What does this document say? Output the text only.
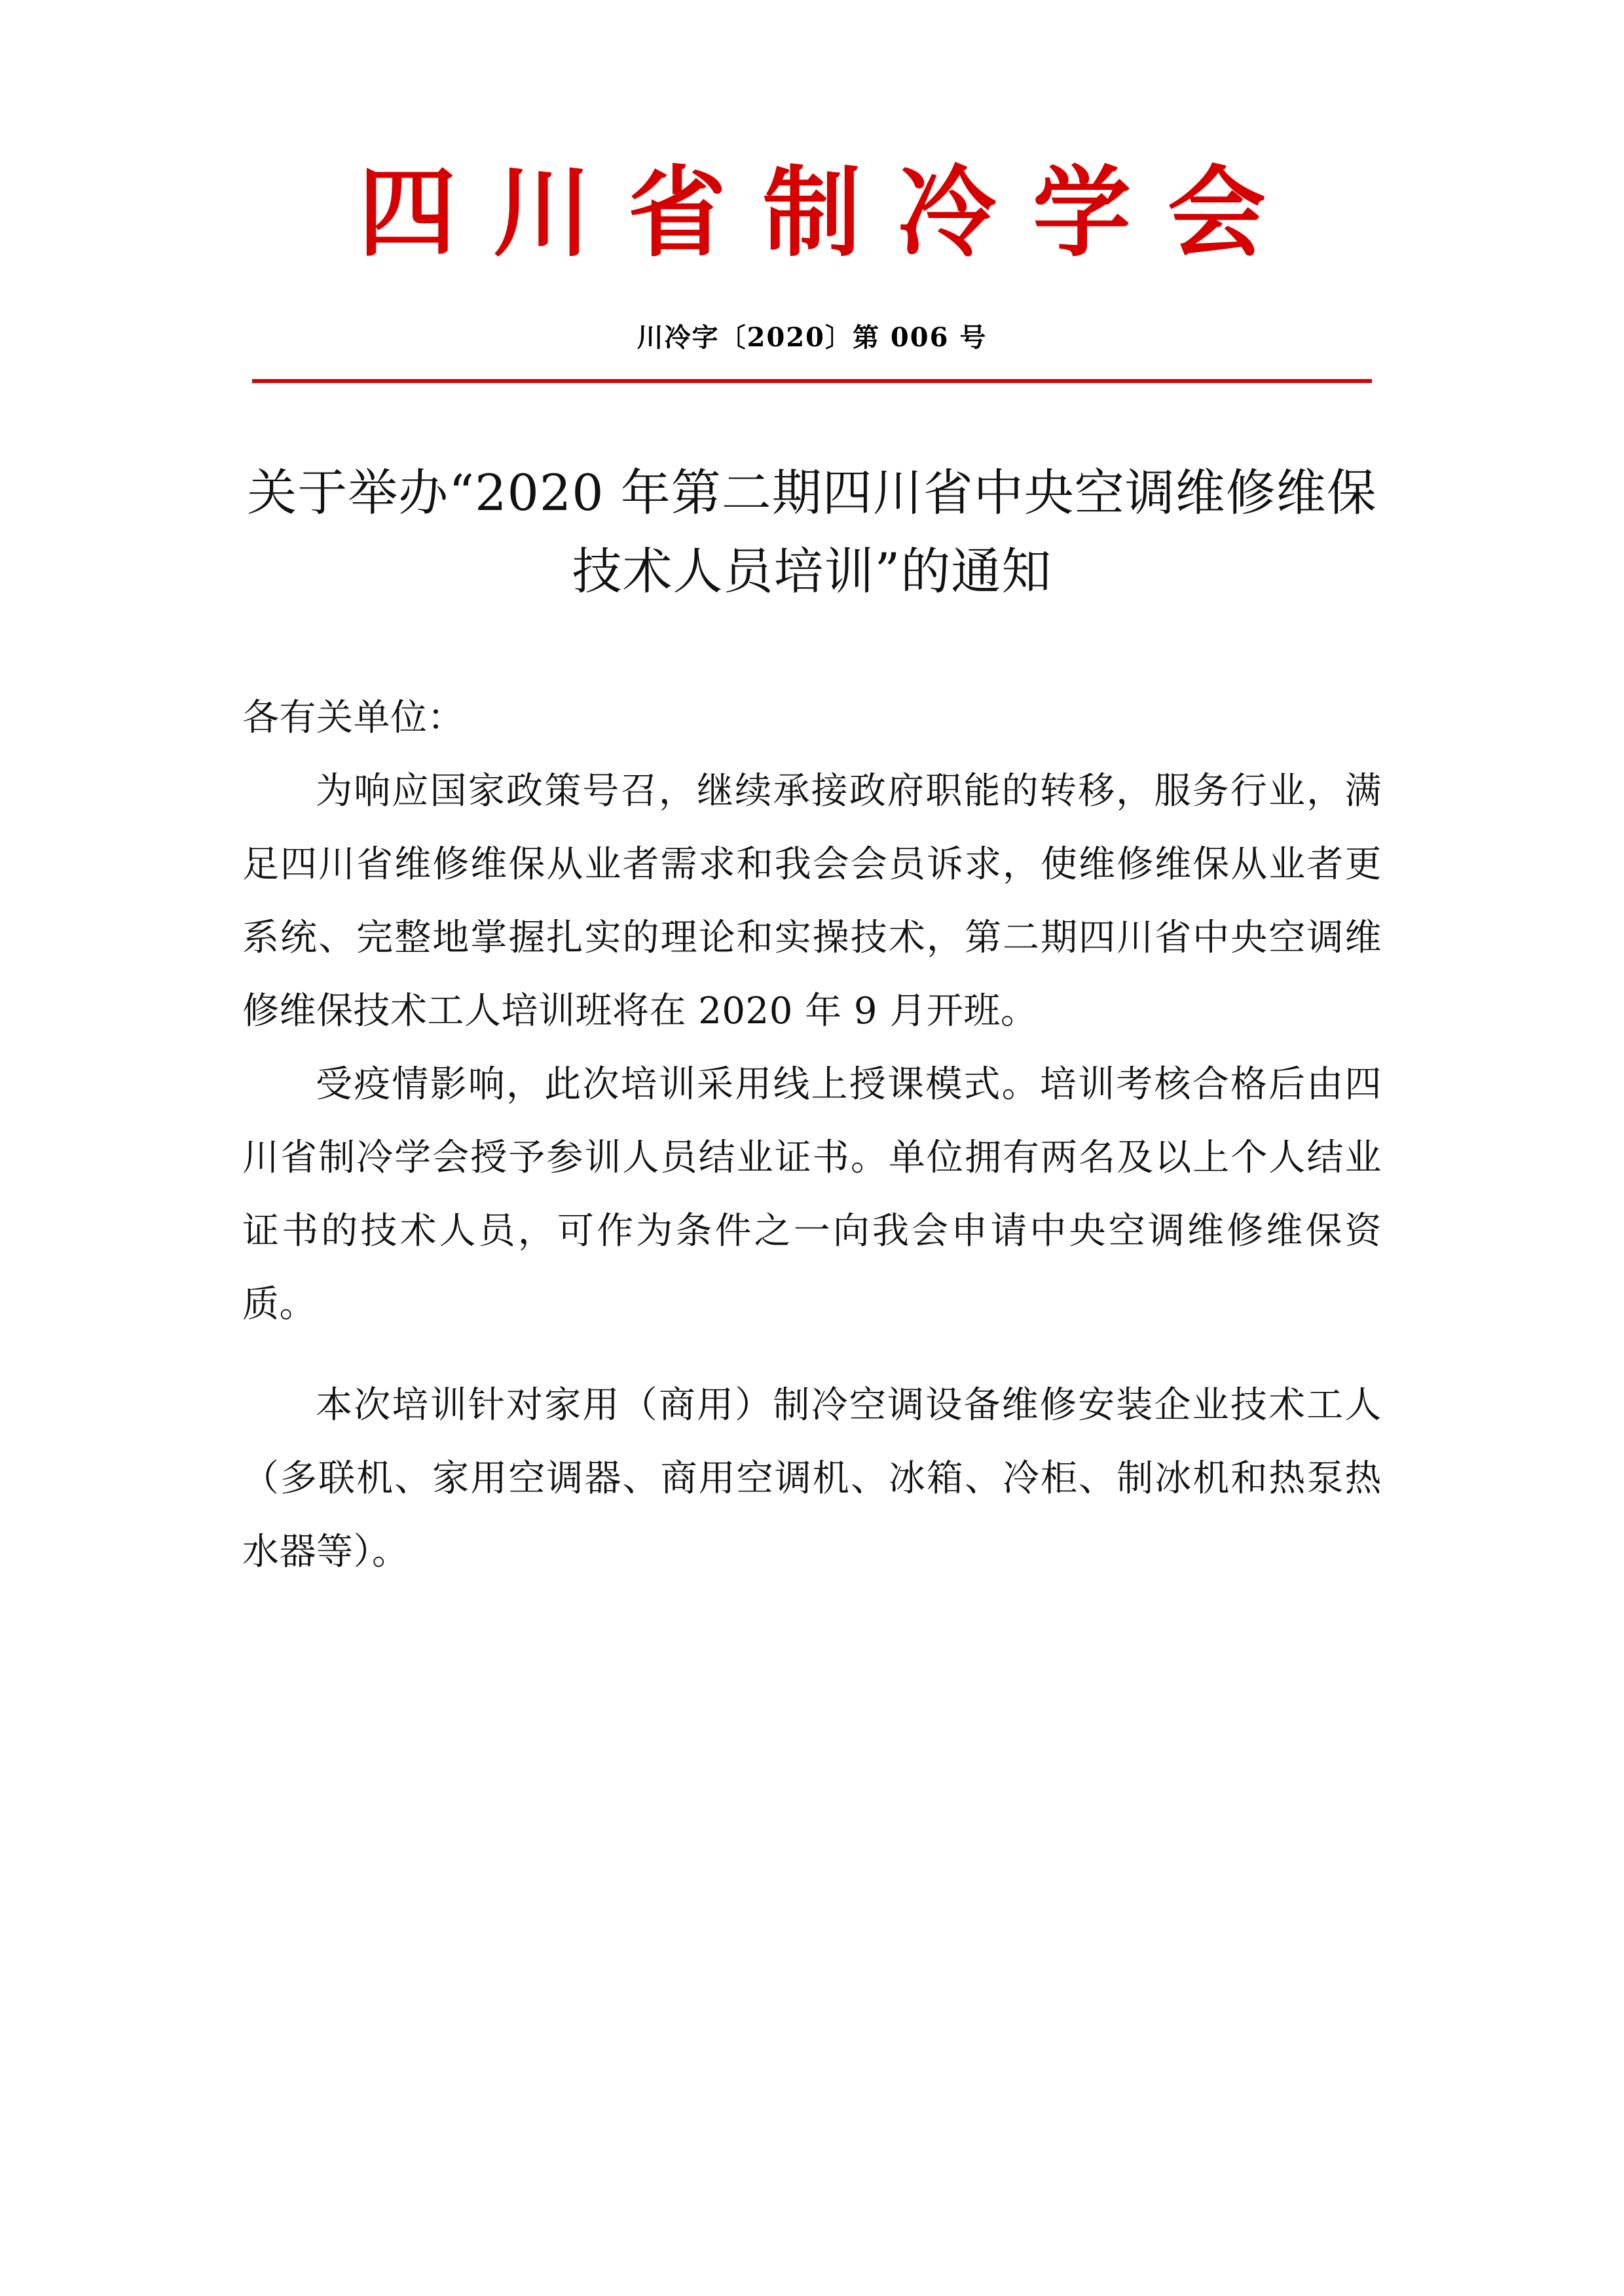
四川省制冷学会
川冷字〔2020〕第 006 号
关于举办“2020 年第二期四川省中央空调维修维保技术人员培训”的通知

各有关单位：

为响应国家政策号召，继续承接政府职能的转移，服务行业，满足四川省维修维保从业者需求和我会会员诉求，使维修维保从业者更系统、完整地掌握扎实的理论和实操技术，第二期四川省中央空调维修维保技术工人培训班将在 2020 年 9 月开班。

受疫情影响，此次培训采用线上授课模式。培训考核合格后由四川省制冷学会授予参训人员结业证书。单位拥有两名及以上个人结业证书的技术人员，可作为条件之一向我会申请中央空调维修维保资质。

本次培训针对家用（商用）制冷空调设备维修安装企业技术工人（多联机、家用空调器、商用空调机、冰箱、冷柜、制冰机和热泵热水器等）。
